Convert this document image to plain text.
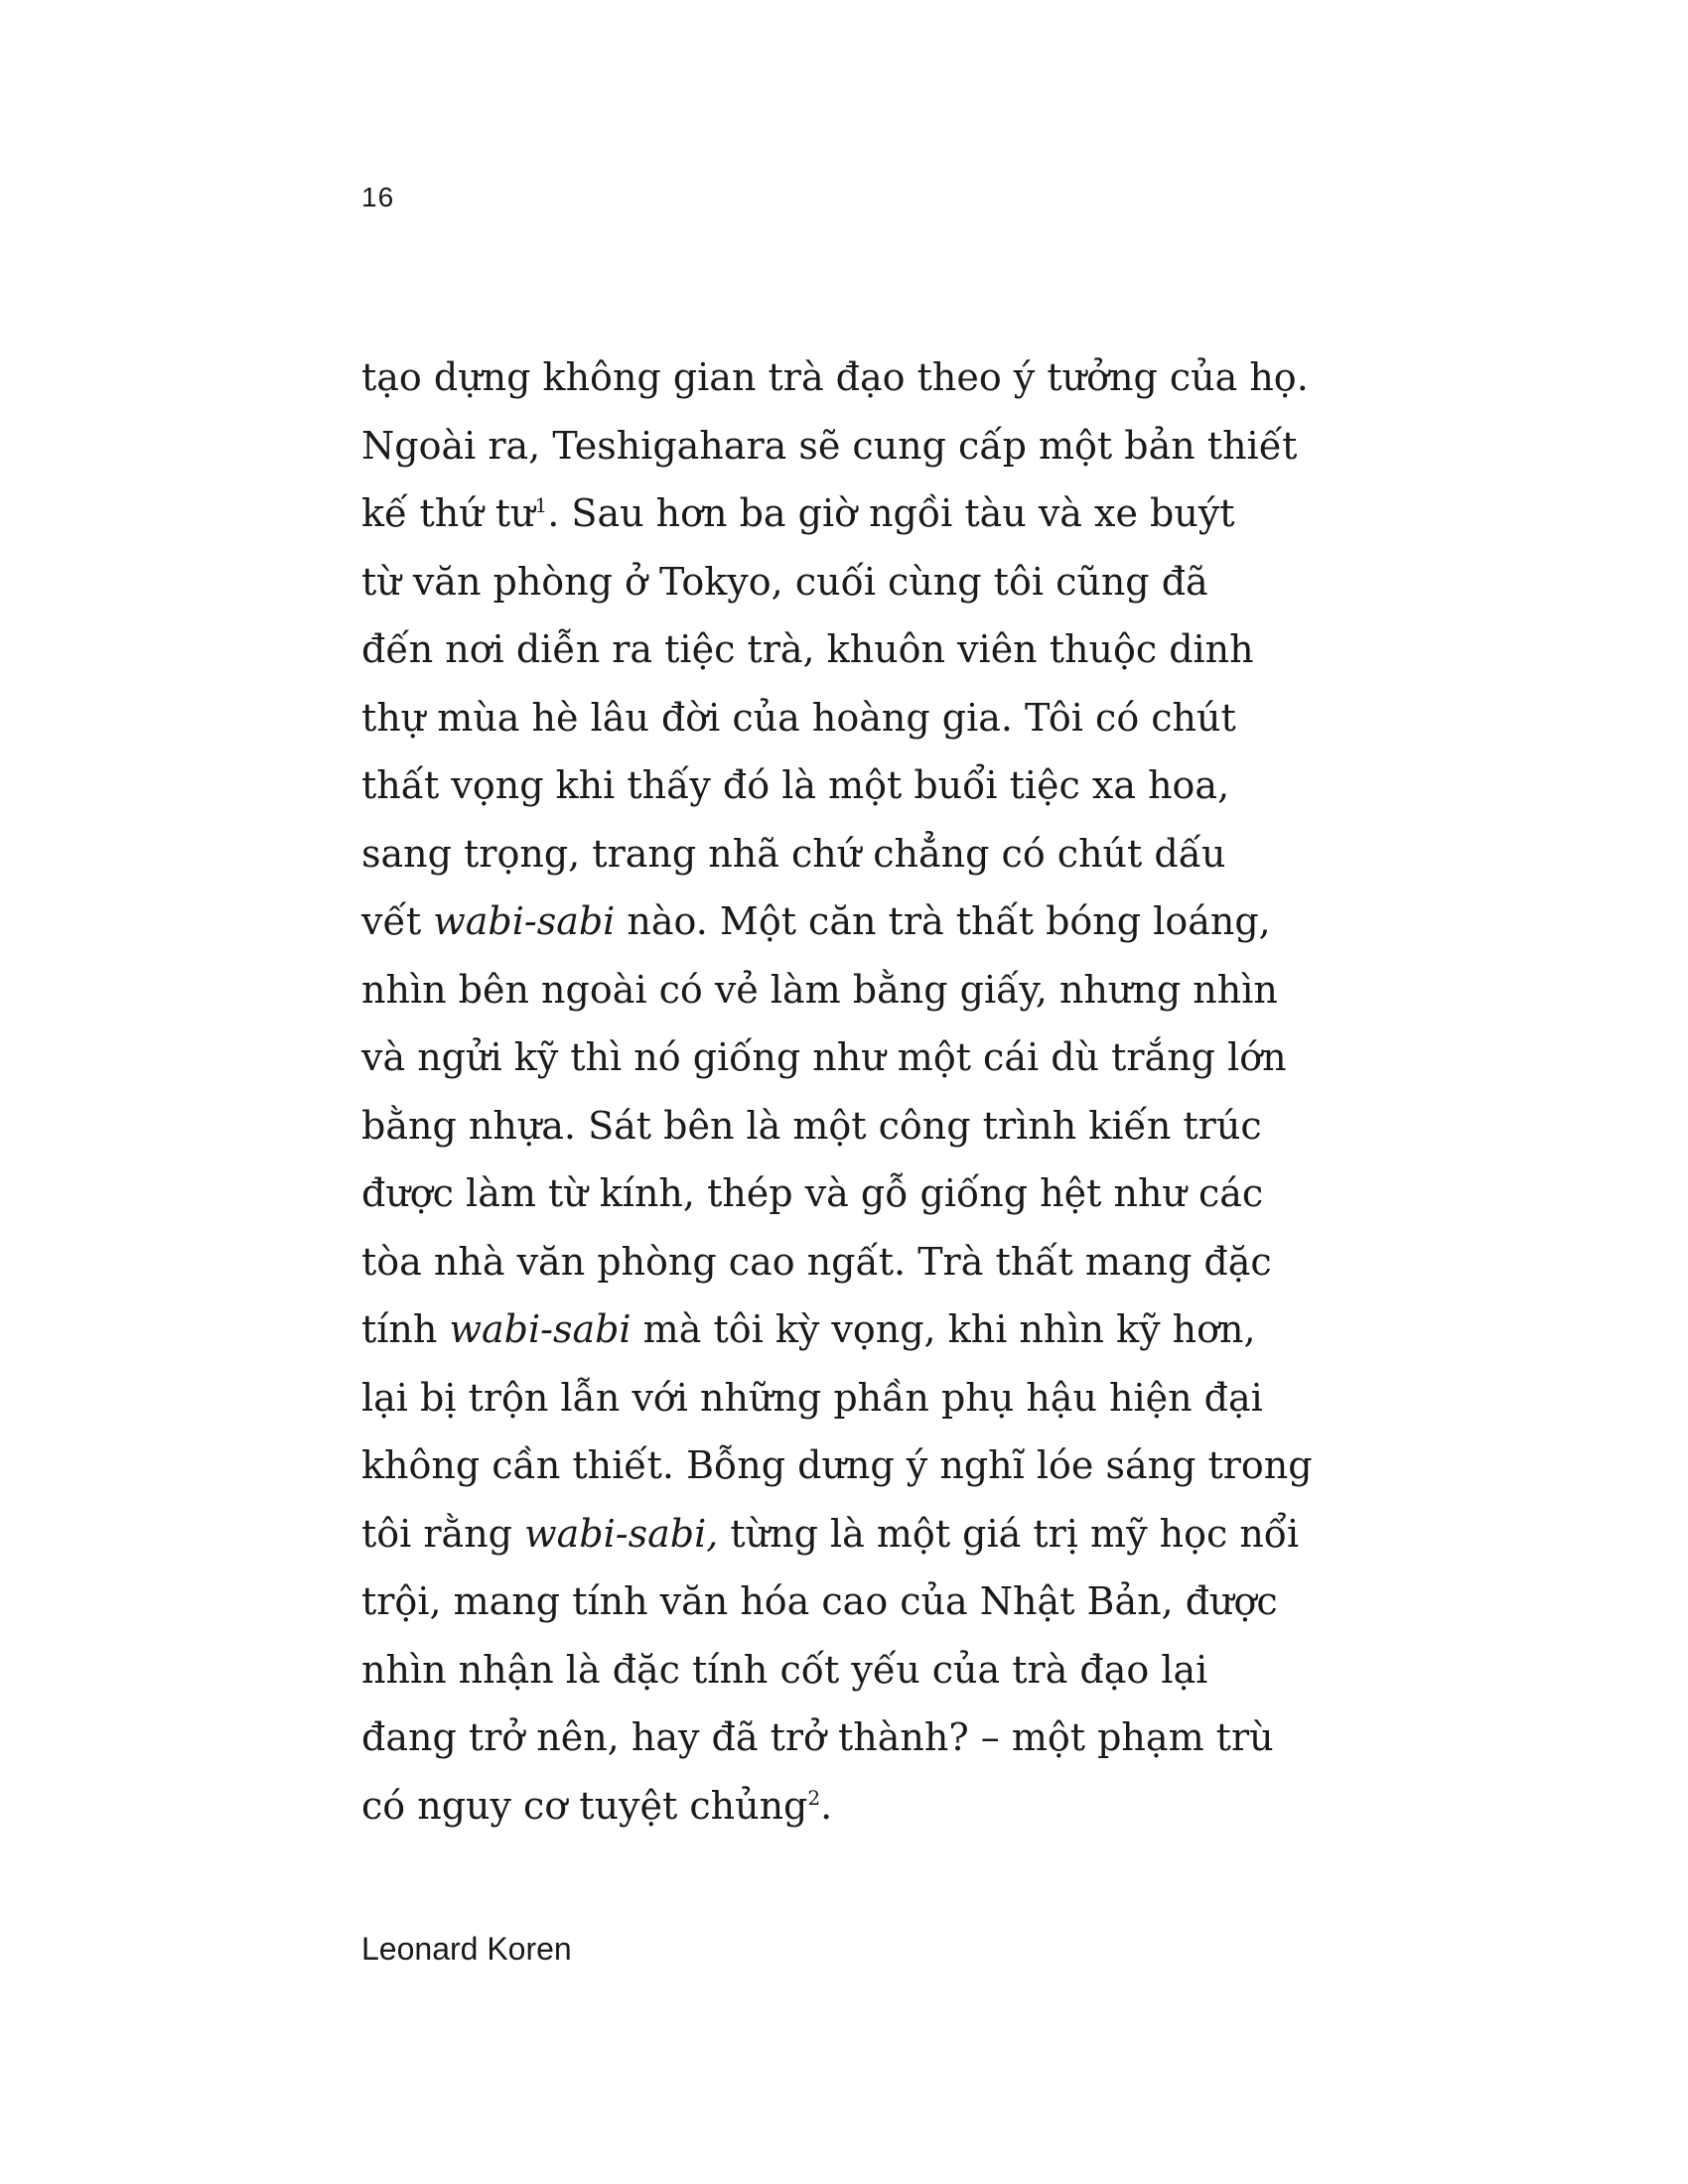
16
tạo dựng không gian trà đạo theo ý tưởng của họ.
Ngoài ra, Teshigahara sẽ cung cấp một bản thiết
kế thứ $tư^1$. Sau hơn ba giờ ngồi tàu và xe buýt
từ văn phòng ở Tokyo, cuối cùng tôi cũng đã
đến nơi diễn ra tiệc trà, khuôn viên thuộc dinh
thự mùa hè lâu đời của hoàng gia. Tôi có chút
thất vọng khi thấy đó là một buổi tiệc xa hoa,
sang trọng, trang nhã chứ chẳng có chút dấu
vết wabi-sabi nào. Một căn trà thất bóng loáng,
nhìn bên ngoài có vẻ làm bằng giấy, nhưng nhìn
và ngửi kỹ thì nó giống như một cái dù trắng lớn
bằng nhựa. Sát bên là một công trình kiến trúc
được làm từ kính, thép và gỗ giống hệt như các
tòa nhà văn phòng cao ngất. Trà thất mang đặc
tính wabi-sabi mà tôi kỳ vọng, khi nhìn kỹ hơn,
lại bị trộn lẫn với những phần phụ hậu hiện đại
không cần thiết. Bỗng dưng ý nghĩ lóe sáng trong
tôi rằng wabi-sabi, từng là một giá trị mỹ học nổi
trội, mang tính văn hóa cao của Nhật Bản, được
nhìn nhận là đặc tính cốt yếu của trà đạo lại
đang trở nên, hay đã trở thành? – một phạm trù
có nguy cơ tuyệt chủng$^2$.
Leonard Koren
